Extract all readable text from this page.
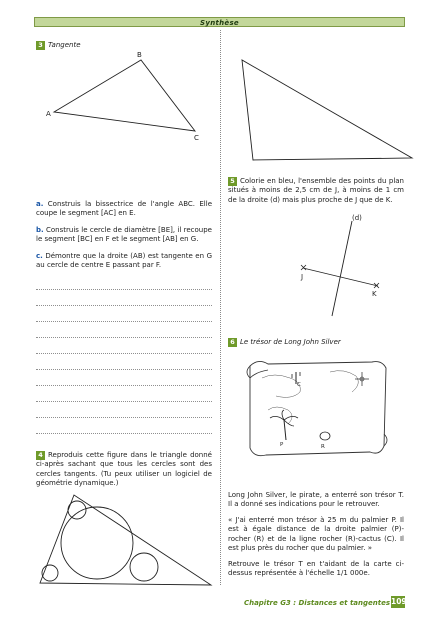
Synthèse
3 Tangente
B
A
C
a. Construis la bissectrice de l'angle ABC. Elle coupe le segment [AC] en E.
b. Construis le cercle de diamètre [BE], il recoupe le segment [BC] en F et le segment [AB] en G.
c. Démontre que la droite (AB) est tangente en G au cercle de centre E passant par F.
4 Reproduis cette figure dans le triangle donné ci-après sachant que tous les cercles sont des cercles tangents. (Tu peux utiliser un logiciel de géométrie dynamique.)
5 Colorie en bleu, l'ensemble des points du plan situés à moins de 2,5 cm de J, à moins de 1 cm de la droite (d) mais plus proche de J que de K.
(d)
J
K
6 Le trésor de Long John Silver
C
P	R
Long John Silver, le pirate, a enterré son trésor T. Il a donné ses indications pour le retrouver.
« J'ai enterré mon trésor à 25 m du palmier P. Il est à égale distance de la droite palmier (P)-rocher (R) et de la ligne rocher (R)-cactus (C). Il est plus près du rocher que du palmier. »
Retrouve le trésor T en t'aidant de la carte ci-dessus représentée à l'échelle 1/1 000e.
Chapitre G3 : Distances et tangentes 109
